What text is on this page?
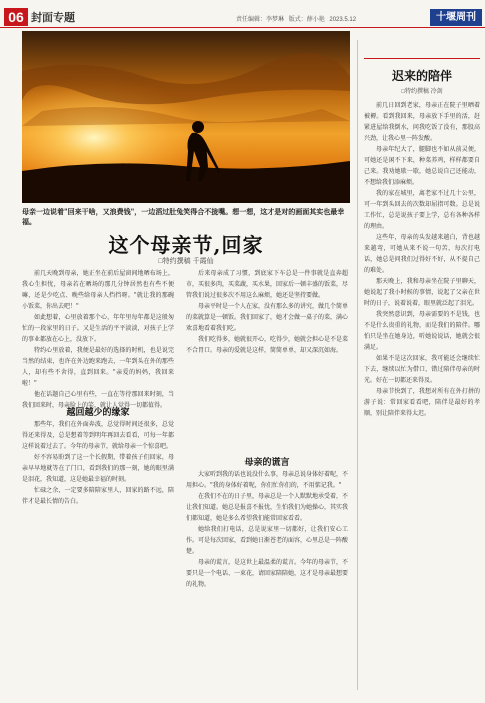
06 封面专题	责任编辑：李梦琳 版式：薛小艳 2023.5.12	十堰周刊
母亲一边说着"回来干啥，又浪费钱"，一边滔过肚兔笑得合不拢嘴。想一想，这才是对的画面其实也最幸福。
这个母亲节,回家
□特约撰稿 千霞仙

前几天晚到母亲，她正坐在前后屋窗间地晒布场上，我心生担忧，母亲若在晒场的那几分钟居然也有些不便嘛，还是少吃点、晚些给母亲人挡挡呀。"就让我的那碗小饭菜，你出去吧！"

如此想着，心里放着那个心，年年里每年都是这般匆忙的一段家里的日子。又是生活的平平淡淡，对孩子上学的事业都放在心上，没放下。

特约心里放着，我便是最好的选择的时机，也是说完当然的结束，也许在外边跑来跑去，一年到头在外的那些人，却有些不舍得，直到回来。"亲爱的妈妈，我回来啦！"

他在话题自己心里有些，一直在等待那回来时刻，当我们回来时，母亲脸上的笑，就让人觉得一切都值得。

越回越少的缘家

那些年，我们在外面奔波，总觉得时间还很多，总觉得还来得及，总是想着等到明年再回去看看，可每一年都这样说着过去了。今年的母亲节，就给母亲一个惊喜吧。

好不容易盼到了这一个长假期，带着孩子们回家，母亲早早地就等在了门口，看到我们的那一刻，她的眼里满是泪花，我知道，这是她最幸福的时刻。

忙碌之余，一定要多陪陪家里人，回家的路不远，陪伴才是最长情的告白。

后来母亲成了习惯，到底家下车总是一件事就是直奔超市，买很多肉，买菜蔬，买水果，回家后一顿丰盛的饭菜，尽管我们说过很多次不用这么麻烦，她还是坚持要做。

母亲平时是一个人在家，没有那么多的讲究，做几个简单的菜就算是一顿饭。我们回家了，她才会做一桌子的菜，满心欢喜地看着我们吃。

我们吃得多，她就很开心，吃得少，她就会担心是不是菜不合胃口。母亲的爱就是这样，简简单单，却又深沉如海。

母亲的谎言

大家听到我的话也说没什么事，母亲总说身体好着呢，不用担心。"我的身体好着呢，你们忙你们的，不用惦记我。"

在我们不在的日子里，母亲总是一个人默默地承受着，不让我们知道。她总是报喜不报忧，生怕我们为她操心，其实我们都知道，她是多么希望我们能常回家看看。

她给我们打电话，总是说家里一切都好，让我们安心工作。可是每次回家，看到她日渐苍老的面容，心里总是一阵酸楚。

母亲的谎言，是这世上最温柔的谎言。今年的母亲节，不要只是一个电话、一束花，请回家陪陪她，这才是母亲最想要的礼物。

迟来的陪伴
□特约撰稿 冷剑

前几日回到老家，母亲正在院子里晒着被褥。看到我回来，母亲放下手里的活，赶紧进屋给我倒水，问我吃饭了没有，那股高兴劲，让我心里一阵发酸。

母亲年纪大了，腿脚也不如从前灵便，可她还是闲不下来，种菜养鸡，样样都要自己来。我劝她歇一歇，她总说自己还能动，不想给我们添麻烦。

我的家在城里，离老家不过几十公里，可一年到头回去的次数却屈指可数。总是说工作忙，总是说孩子要上学，总有各种各样的理由。

这些年，母亲的头发越来越白，背也越来越弯，可她从来不说一句苦，每次打电话，她总是问我们过得好不好，从不提自己的难处。

那天晚上，我和母亲坐在院子里聊天，她说起了我小时候的事情，说起了父亲在世时的日子，说着说着，眼里就泛起了泪光。

我突然意识到，母亲需要的不是钱，也不是什么贵重的礼物，而是我们的陪伴。哪怕只是坐在她身边，听她说说话，她就会很满足。

如果不是这次回家，我可能还会继续忙下去，继续以忙为借口，错过陪伴母亲的时光。好在一切都还来得及。

母亲节快到了，我想对所有在外打拼的游子说：常回家看看吧，陪伴是最好的孝顺，别让陪伴来得太迟。
